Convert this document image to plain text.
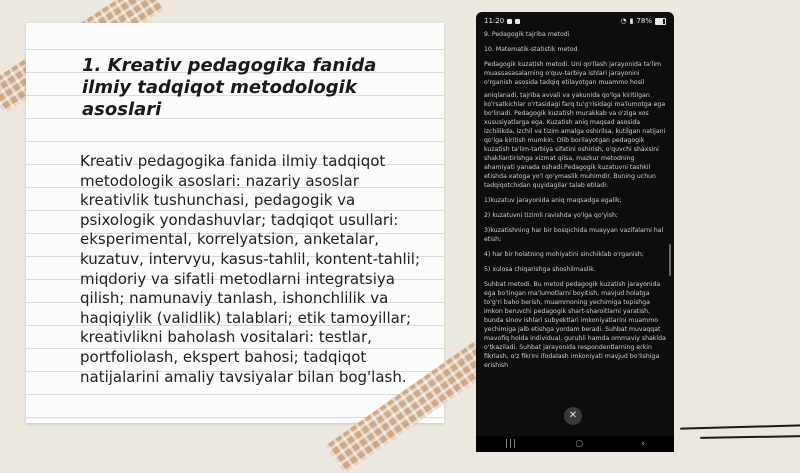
1. Kreativ pedagogika fanida ilmiy tadqiqot metodologik asoslari

Kreativ pedagogika fanida ilmiy tadqiqot metodologik asoslari: nazariy asoslar kreativlik tushunchasi, pedagogik va psixologik yondashuvlar; tadqiqot usullari: eksperimental, korrelyatsion, anketalar, kuzatuv, intervyu, kasus-tahlil, kontent-tahlil; miqdoriy va sifatli metodlarni integratsiya qilish; namunaviy tanlash, ishonchlilik va haqiqiylik (validlik) talablari; etik tamoyillar; kreativlikni baholash vositalari: testlar, portfoliolash, ekspert bahosi; tadqiqot natijalarini amaliy tavsiyalar bilan bog'lash.

11:20	◔ ▮ 78%

9. Pedagogik tajriba metodi

10. Matematik-statistik metod

Pedagogik kuzatish metodi. Uni qo'llash jarayonida ta'lim muassasasalarning o'quv-tarbiya ishlari jarayonini o'rganish asosida tadqiq etilayotgan muammo hosil

aniqlanadi, tajriba avvali va yakunida qo'lga kiritilgan ko'rsatkichlar o'rtasidagi farq tu'g'risidagi ma'lumotga ega bo'linadi. Pedagogik kuzatish murakkab va o'ziga xos xususiyatlarga ega. Kuzatish aniq maqsad asosida izchilikda, izchil va tizim amalga oshirilsa, kutilgan natijani qo'lga kiritish mumkin. Olib borilayotgan pedagogik kuzatish ta'lim-tarbiya sifatini oshirish, o'quvchi shaxsini shakllantirishga xizmat qilsa, mazkur metodning ahamiyati yanada oshadi.Pedagogik kuzatuvni tashkil etishda xatoga yo'l qo'ymaslik muhimdir. Buning uchun tadqiqotchidan quyidagilar talab etiladi:

1)kuzatuv jarayonida aniq maqsadga egalik;

2) kuzatuvni tizimli ravishda yo'lga qo'yish;

3)kuzatishning har bir bosqichida muayyan vazifalarni hal etish;

4) har bir holatning mohiyatini sinchiklab o'rganish;

5) xulosa chiqarishga shoshilmaslik.

Suhbat metodi. Bu metod pedagogik kuzatish jarayonida ega bo'lingan ma'lumotlarni boyitish, mavjud holatga to'g'ri baho berish, muammoning yechimiga topishga imkon beruvchi pedagogik shart-sharoitlarni yaratish, bunda sinov ishlari subyektlari imkoniyatlarini muammo yechimiga jalb etishga yordam beradi. Suhbat muvaqqat mavofiq holda individual, guruhli hamda ommaviy shaklda o'tkaziladi. Suhbat jarayonida respondentlarning erkin fikrlash, o'z fikrini ifodalash imkoniyati mavjud bo'lishiga erishish

✕
|||	○	‹
